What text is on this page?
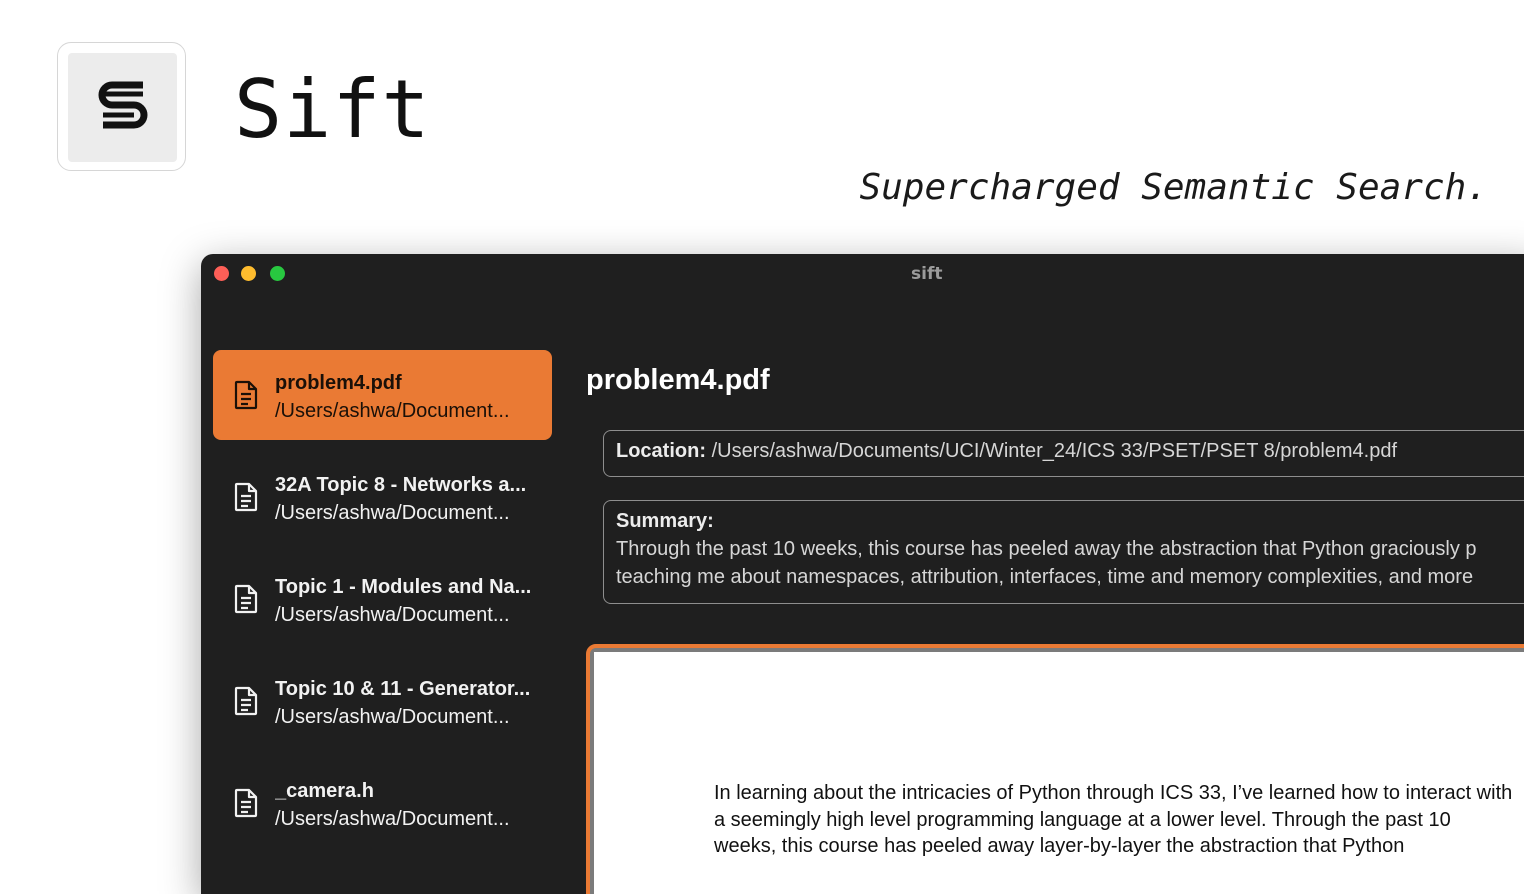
Sift

Supercharged Semantic Search.

sift
problem4.pdf
/Users/ashwa/Document...
32A Topic 8 - Networks a...
/Users/ashwa/Document...
Topic 1 - Modules and Na...
/Users/ashwa/Document...
Topic 10 & 11 - Generator...
/Users/ashwa/Document...
_camera.h
/Users/ashwa/Document...
problem4.pdf
Location: /Users/ashwa/Documents/UCI/Winter_24/ICS 33/PSET/PSET 8/problem4.pdf
Summary:
Through the past 10 weeks, this course has peeled away the abstraction that Python graciously p
teaching me about namespaces, attribution, interfaces, time and memory complexities, and more

In learning about the intricacies of Python through ICS 33, I’ve learned how to interact with a seemingly high level programming language at a lower level. Through the past 10 weeks, this course has peeled away layer-by-layer the abstraction that Python
